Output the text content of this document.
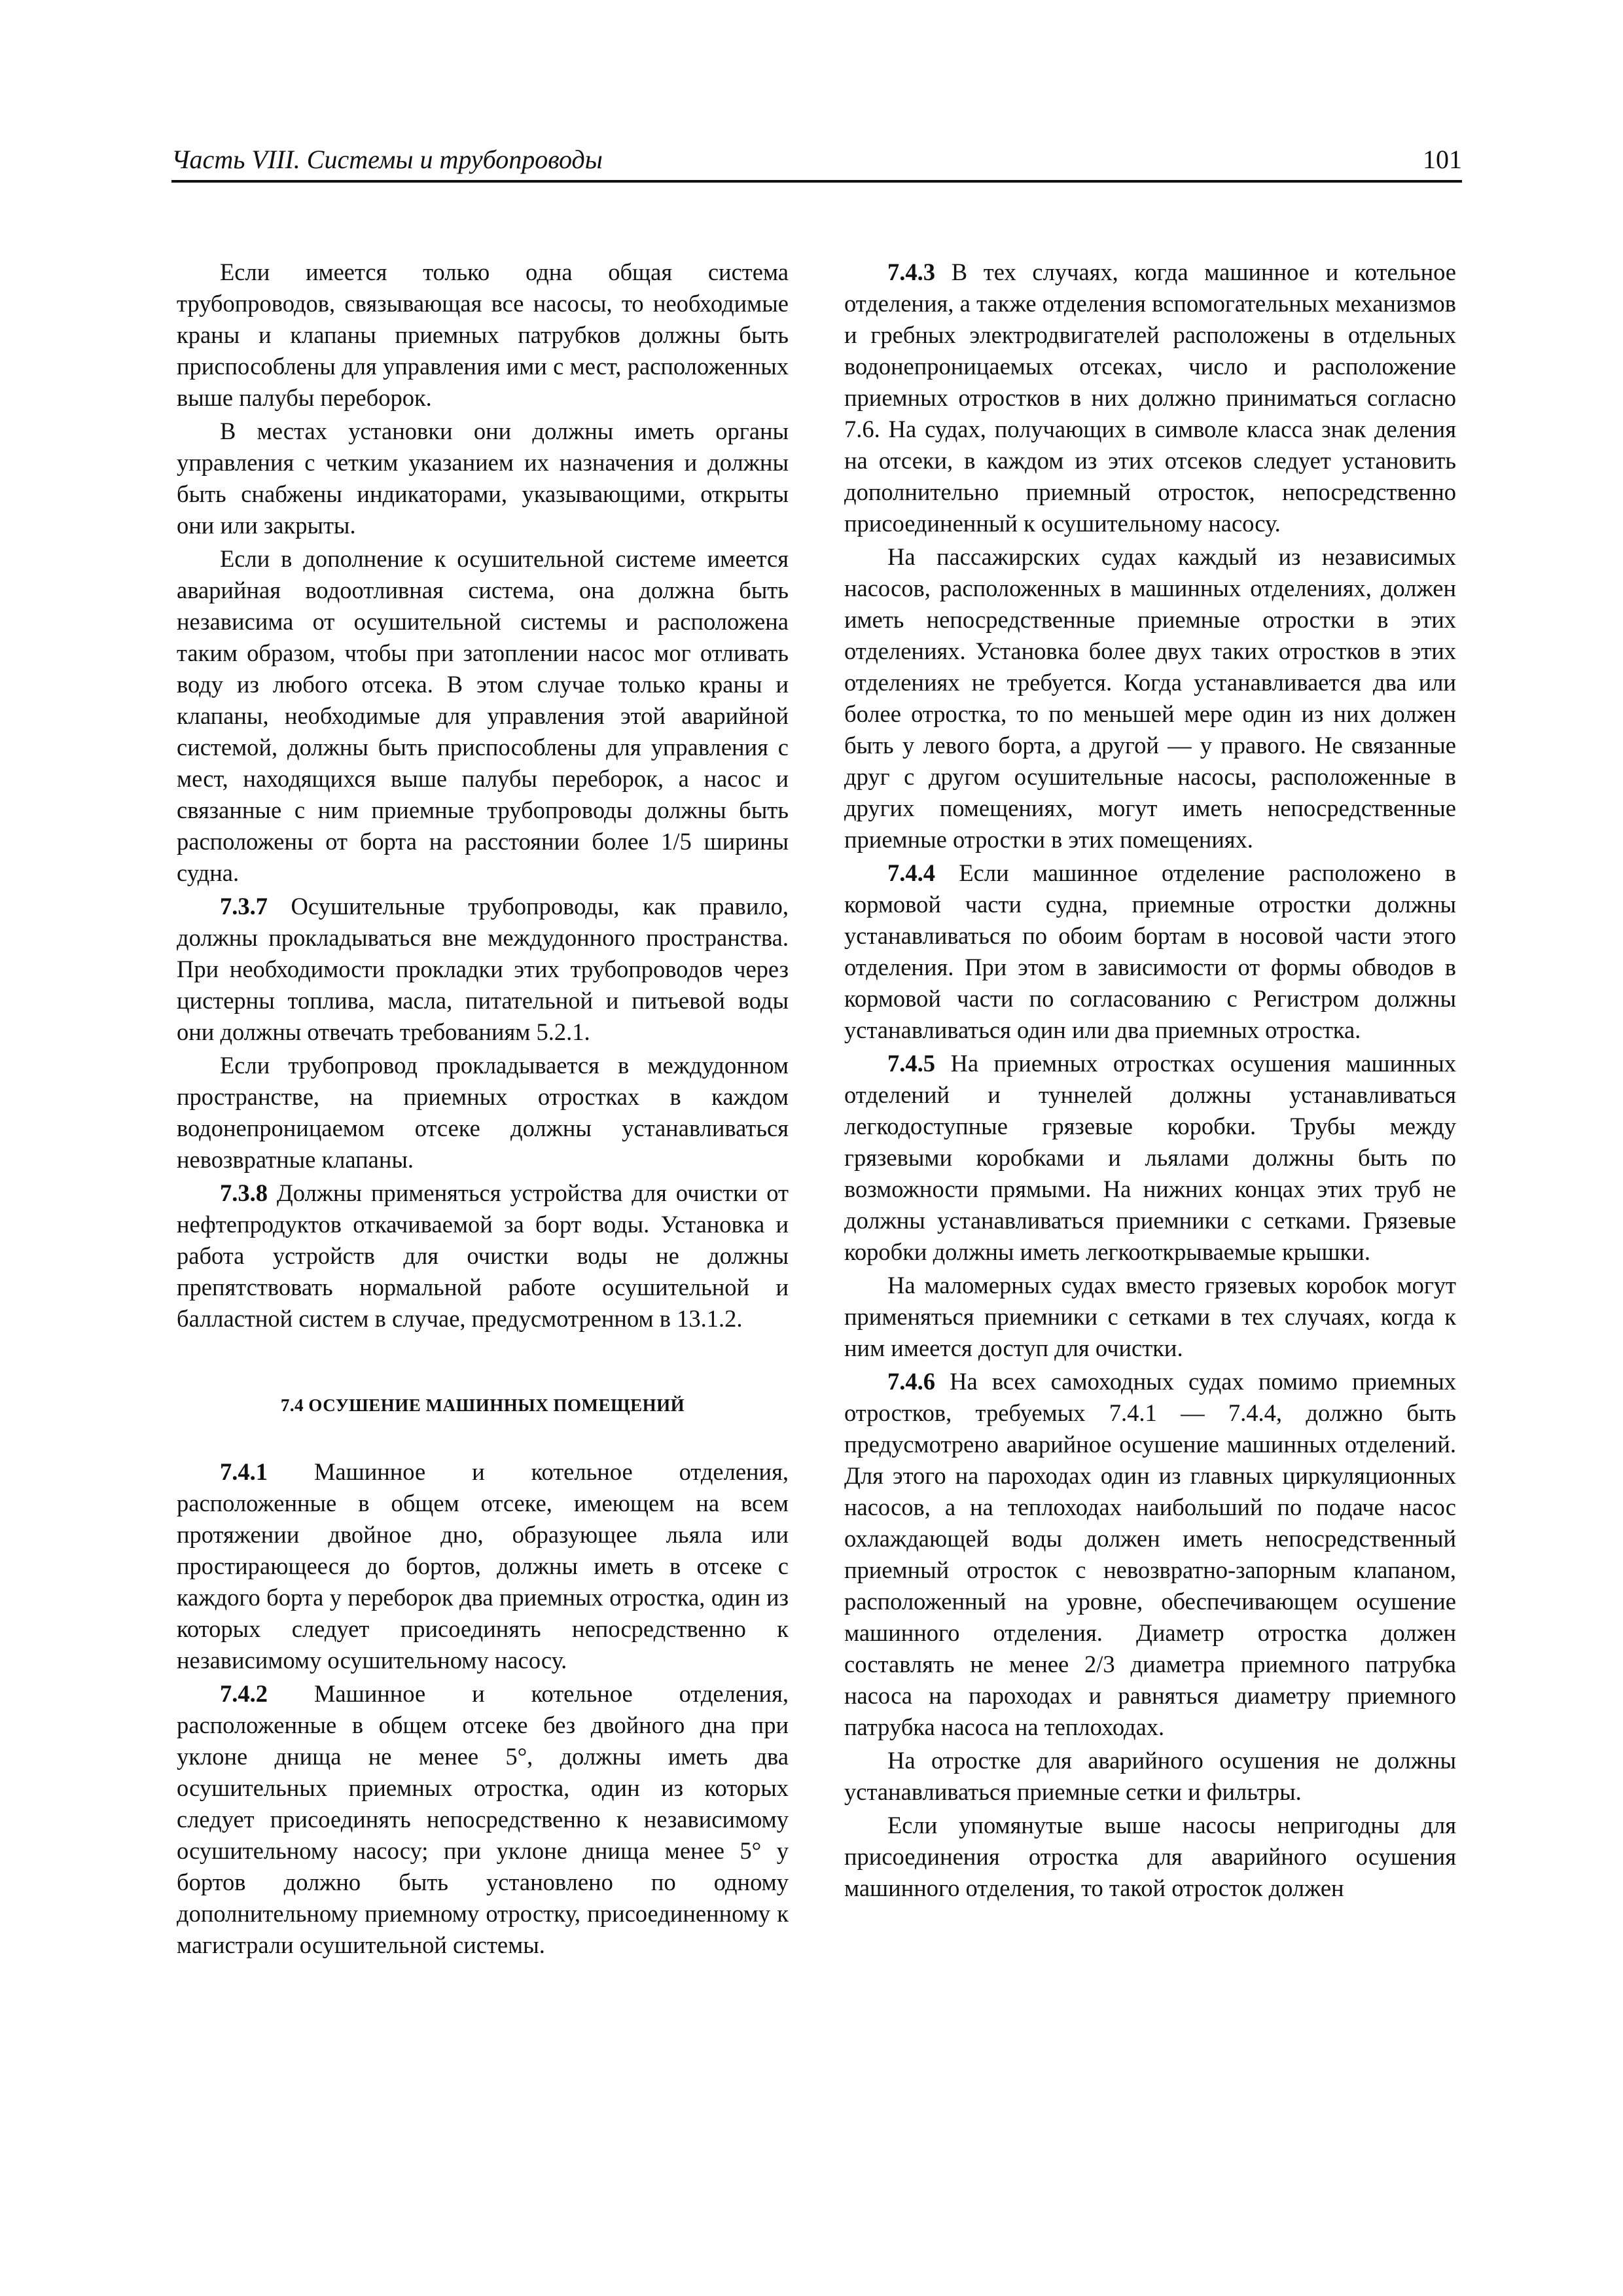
Часть VIII. Системы и трубопроводы	101

Если имеется только одна общая система трубопроводов, связывающая все насосы, то необходимые краны и клапаны приемных патрубков должны быть приспособлены для управления ими с мест, расположенных выше палубы переборок.

В местах установки они должны иметь органы управления с четким указанием их назначения и должны быть снабжены индикаторами, указывающими, открыты они или закрыты.

Если в дополнение к осушительной системе имеется аварийная водоотливная система, она должна быть независима от осушительной системы и расположена таким образом, чтобы при затоплении насос мог отливать воду из любого отсека. В этом случае только краны и клапаны, необходимые для управления этой аварийной системой, должны быть приспособлены для управления с мест, находящихся выше палубы переборок, а насос и связанные с ним приемные трубопроводы должны быть расположены от борта на расстоянии более 1/5 ширины судна.

7.3.7 Осушительные трубопроводы, как правило, должны прокладываться вне междудонного пространства. При необходимости прокладки этих трубопроводов через цистерны топлива, масла, питательной и питьевой воды они должны отвечать требованиям 5.2.1.

Если трубопровод прокладывается в междудонном пространстве, на приемных отростках в каждом водонепроницаемом отсеке должны устанавливаться невозвратные клапаны.

7.3.8 Должны применяться устройства для очистки от нефтепродуктов откачиваемой за борт воды. Установка и работа устройств для очистки воды не должны препятствовать нормальной работе осушительной и балластной систем в случае, предусмотренном в 13.1.2.

7.4 ОСУШЕНИЕ МАШИННЫХ ПОМЕЩЕНИЙ

7.4.1 Машинное и котельное отделения, расположенные в общем отсеке, имеющем на всем протяжении двойное дно, образующее льяла или простирающееся до бортов, должны иметь в отсеке с каждого борта у переборок два приемных отростка, один из которых следует присоединять непосредственно к независимому осушительному насосу.

7.4.2 Машинное и котельное отделения, расположенные в общем отсеке без двойного дна при уклоне днища не менее 5°, должны иметь два осушительных приемных отростка, один из которых следует присоединять непосредственно к независимому осушительному насосу; при уклоне днища менее 5° у бортов должно быть установлено по одному дополнительному приемному отростку, присоединенному к магистрали осушительной системы.

7.4.3 В тех случаях, когда машинное и котельное отделения, а также отделения вспомогательных механизмов и гребных электродвигателей расположены в отдельных водонепроницаемых отсеках, число и расположение приемных отростков в них должно приниматься согласно 7.6. На судах, получающих в символе класса знак деления на отсеки, в каждом из этих отсеков следует установить дополнительно приемный отросток, непосредственно присоединенный к осушительному насосу.

На пассажирских судах каждый из независимых насосов, расположенных в машинных отделениях, должен иметь непосредственные приемные отростки в этих отделениях. Установка более двух таких отростков в этих отделениях не требуется. Когда устанавливается два или более отростка, то по меньшей мере один из них должен быть у левого борта, а другой — у правого. Не связанные друг с другом осушительные насосы, расположенные в других помещениях, могут иметь непосредственные приемные отростки в этих помещениях.

7.4.4 Если машинное отделение расположено в кормовой части судна, приемные отростки должны устанавливаться по обоим бортам в носовой части этого отделения. При этом в зависимости от формы обводов в кормовой части по согласованию с Регистром должны устанавливаться один или два приемных отростка.

7.4.5 На приемных отростках осушения машинных отделений и туннелей должны устанавливаться легкодоступные грязевые коробки. Трубы между грязевыми коробками и льялами должны быть по возможности прямыми. На нижних концах этих труб не должны устанавливаться приемники с сетками. Грязевые коробки должны иметь легкооткрываемые крышки.

На маломерных судах вместо грязевых коробок могут применяться приемники с сетками в тех случаях, когда к ним имеется доступ для очистки.

7.4.6 На всех самоходных судах помимо приемных отростков, требуемых 7.4.1 — 7.4.4, должно быть предусмотрено аварийное осушение машинных отделений. Для этого на пароходах один из главных циркуляционных насосов, а на теплоходах наибольший по подаче насос охлаждающей воды должен иметь непосредственный приемный отросток с невозвратно-запорным клапаном, расположенный на уровне, обеспечивающем осушение машинного отделения. Диаметр отростка должен составлять не менее 2/3 диаметра приемного патрубка насоса на пароходах и равняться диаметру приемного патрубка насоса на теплоходах.

На отростке для аварийного осушения не должны устанавливаться приемные сетки и фильтры.

Если упомянутые выше насосы непригодны для присоединения отростка для аварийного осушения машинного отделения, то такой отросток должен
